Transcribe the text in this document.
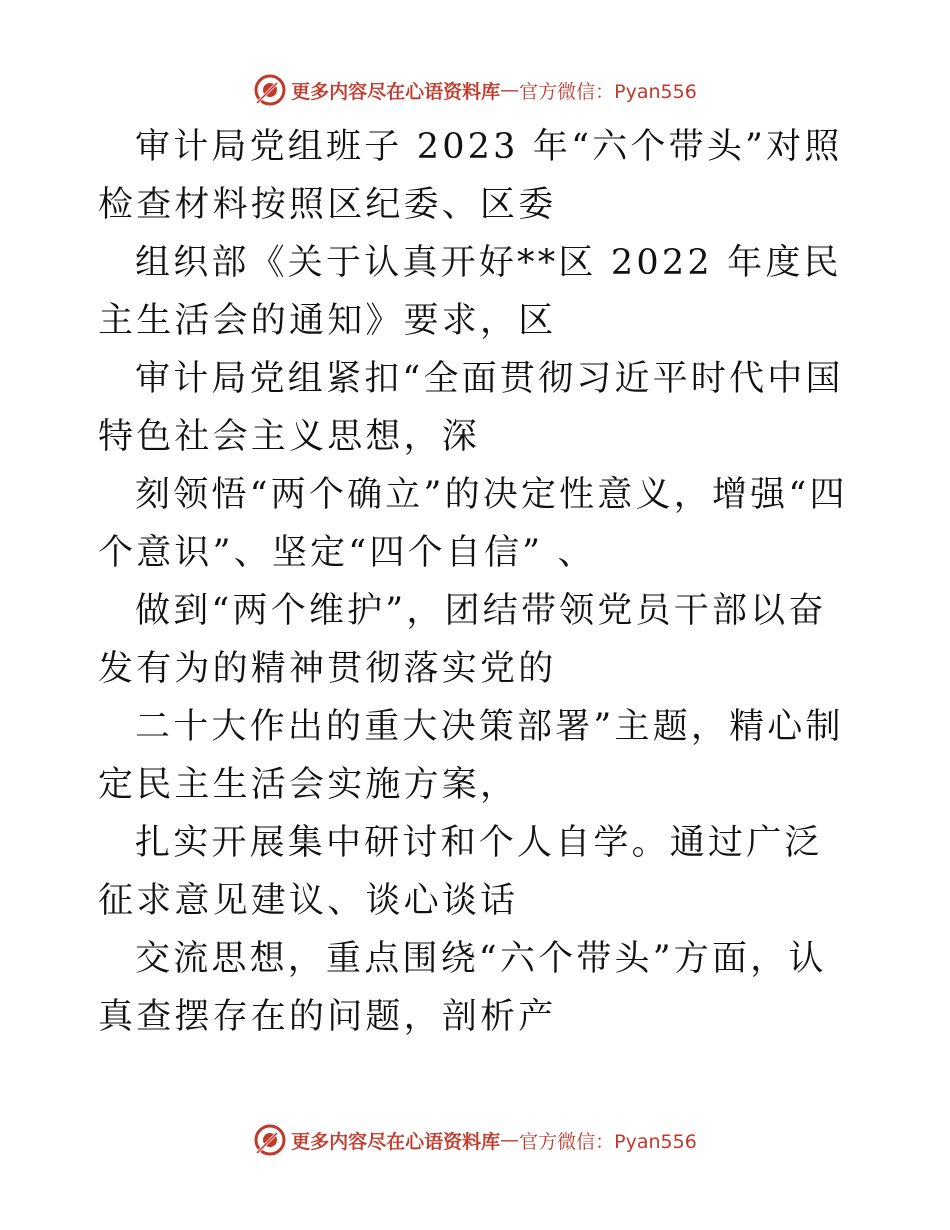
更多内容尽在心语资料库 — 官方微信：Pyan556

审计局党组班子 2023 年“六个带头”对照检查材料按照区纪委、区委

组织部《关于认真开好**区 2022 年度民主生活会的通知》要求，区

审计局党组紧扣“全面贯彻习近平时代中国特色社会主义思想，深

刻领悟“两个确立”的决定性意义，增强“四个意识”、坚定“四个自信” 、

做到“两个维护”，团结带领党员干部以奋发有为的精神贯彻落实党的

二十大作出的重大决策部署”主题，精心制定民主生活会实施方案，

扎实开展集中研讨和个人自学。通过广泛征求意见建议、谈心谈话

交流思想，重点围绕“六个带头”方面，认真查摆存在的问题，剖析产

更多内容尽在心语资料库 — 官方微信：Pyan556
